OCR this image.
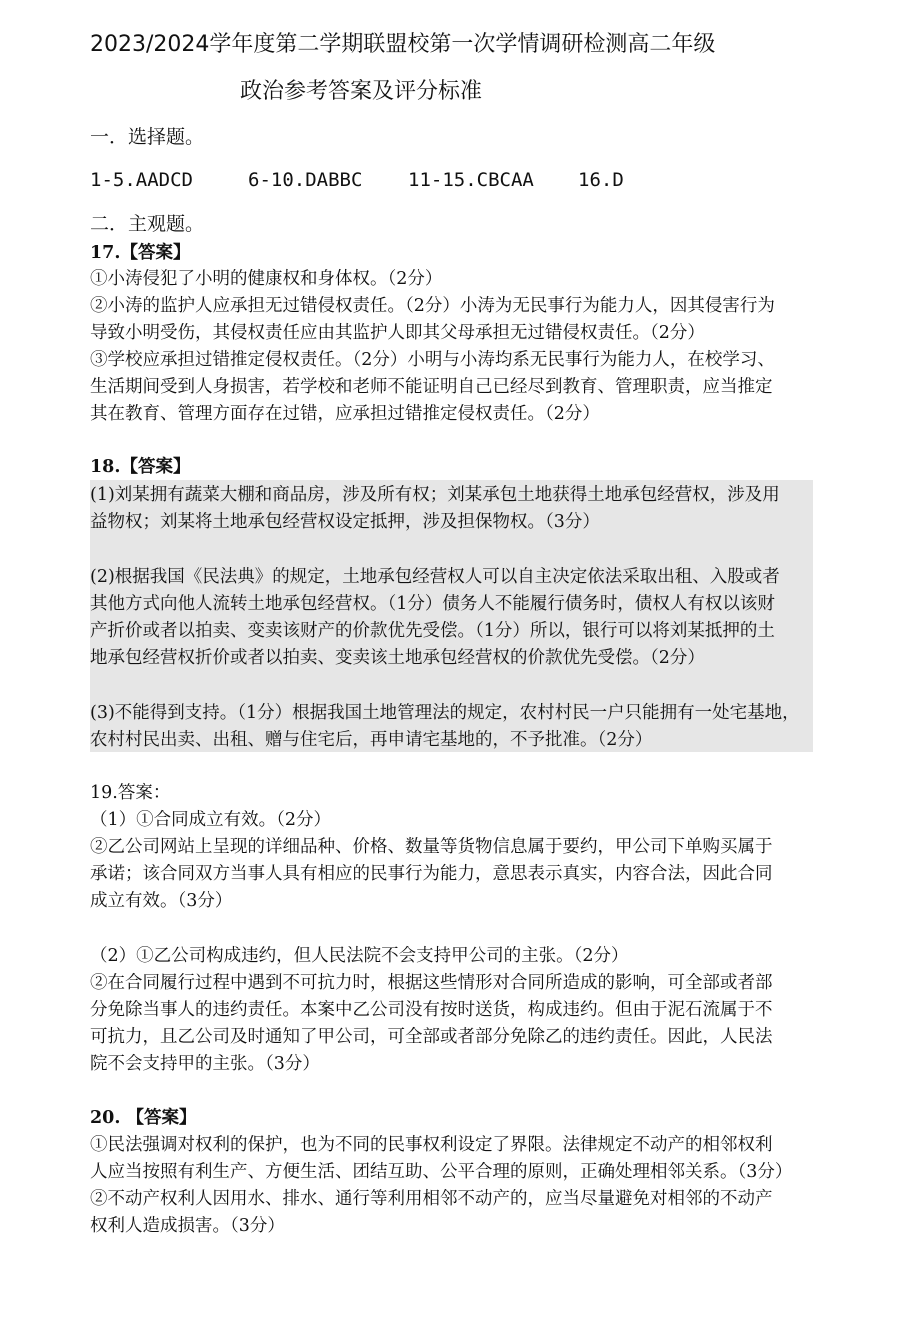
2023/2024学年度第二学期联盟校第一次学情调研检测高二年级
政治参考答案及评分标准
一．选择题。
1-5.AADCD	6-10.DABBC 11-15.CBCAA 16.D
二．主观题。
17.【答案】
①小涛侵犯了小明的健康权和身体权。（2分）
②小涛的监护人应承担无过错侵权责任。（2分）小涛为无民事行为能力人，因其侵害行为
导致小明受伤，其侵权责任应由其监护人即其父母承担无过错侵权责任。（2分）
③学校应承担过错推定侵权责任。（2分）小明与小涛均系无民事行为能力人，在校学习、
生活期间受到人身损害，若学校和老师不能证明自己已经尽到教育、管理职责，应当推定
其在教育、管理方面存在过错，应承担过错推定侵权责任。（2分）
18.【答案】
(1)刘某拥有蔬菜大棚和商品房，涉及所有权；刘某承包土地获得土地承包经营权，涉及用
益物权；刘某将土地承包经营权设定抵押，涉及担保物权。（3分）
(2)根据我国《民法典》的规定，土地承包经营权人可以自主决定依法采取出租、入股或者
其他方式向他人流转土地承包经营权。（1分）债务人不能履行债务时，债权人有权以该财
产折价或者以拍卖、变卖该财产的价款优先受偿。（1分）所以，银行可以将刘某抵押的土
地承包经营权折价或者以拍卖、变卖该土地承包经营权的价款优先受偿。（2分）
(3)不能得到支持。（1分）根据我国土地管理法的规定，农村村民一户只能拥有一处宅基地，
农村村民出卖、出租、赠与住宅后，再申请宅基地的，不予批准。（2分）
19.答案：
（1）①合同成立有效。（2分）
②乙公司网站上呈现的详细品种、价格、数量等货物信息属于要约，甲公司下单购买属于
承诺；该合同双方当事人具有相应的民事行为能力，意思表示真实，内容合法，因此合同
成立有效。（3分）
（2）①乙公司构成违约，但人民法院不会支持甲公司的主张。（2分）
②在合同履行过程中遇到不可抗力时，根据这些情形对合同所造成的影响，可全部或者部
分免除当事人的违约责任。本案中乙公司没有按时送货，构成违约。但由于泥石流属于不
可抗力，且乙公司及时通知了甲公司，可全部或者部分免除乙的违约责任。因此，人民法
院不会支持甲的主张。（3分）
20. 【答案】
①民法强调对权利的保护，也为不同的民事权利设定了界限。法律规定不动产的相邻权利
人应当按照有利生产、方便生活、团结互助、公平合理的原则，正确处理相邻关系。（3分）
②不动产权利人因用水、排水、通行等利用相邻不动产的，应当尽量避免对相邻的不动产
权利人造成损害。（3分）
